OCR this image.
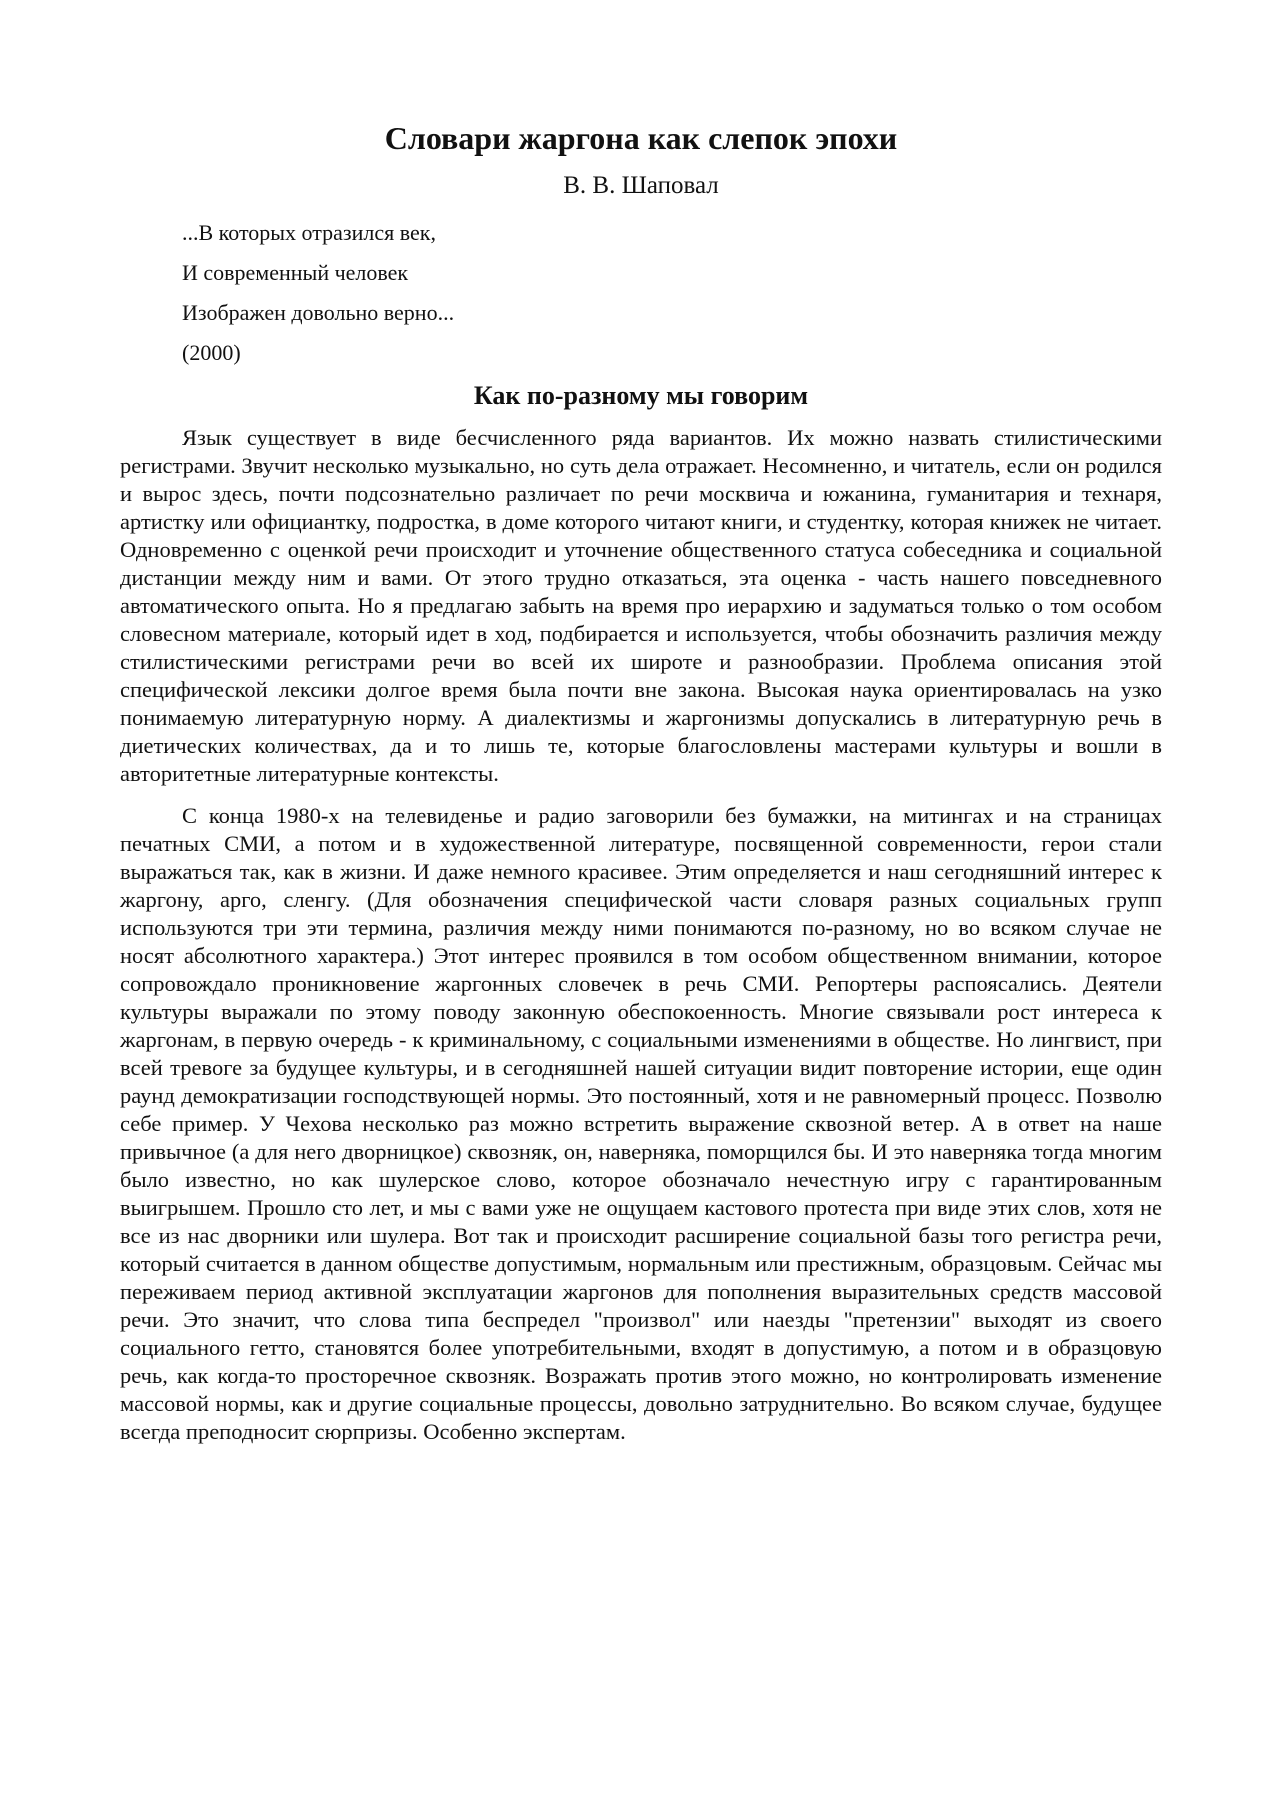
Словари жаргона как слепок эпохи
В. В. Шаповал
...В которых отразился век,
И современный человек
Изображен довольно верно...
(2000)
Как по-разному мы говорим

Язык существует в виде бесчисленного ряда вариантов. Их можно назвать стилистическими регистрами. Звучит несколько музыкально, но суть дела отражает. Несомненно, и читатель, если он родился и вырос здесь, почти подсознательно различает по речи москвича и южанина, гуманитария и технаря, артистку или официантку, подростка, в доме которого читают книги, и студентку, которая книжек не читает. Одновременно с оценкой речи происходит и уточнение общественного статуса собеседника и социальной дистанции между ним и вами. От этого трудно отказаться, эта оценка - часть нашего повседневного автоматического опыта. Но я предлагаю забыть на время про иерархию и задуматься только о том особом словесном материале, который идет в ход, подбирается и используется, чтобы обозначить различия между стилистическими регистрами речи во всей их широте и разнообразии. Проблема описания этой специфической лексики долгое время была почти вне закона. Высокая наука ориентировалась на узко понимаемую литературную норму. А диалектизмы и жаргонизмы допускались в литературную речь в диетических количествах, да и то лишь те, которые благословлены мастерами культуры и вошли в авторитетные литературные контексты.

С конца 1980-х на телевиденье и радио заговорили без бумажки, на митингах и на страницах печатных СМИ, а потом и в художественной литературе, посвященной современности, герои стали выражаться так, как в жизни. И даже немного красивее. Этим определяется и наш сегодняшний интерес к жаргону, арго, сленгу. (Для обозначения специфической части словаря разных социальных групп используются три эти термина, различия между ними понимаются по-разному, но во всяком случае не носят абсолютного характера.) Этот интерес проявился в том особом общественном внимании, которое сопровождало проникновение жаргонных словечек в речь СМИ. Репортеры распоясались. Деятели культуры выражали по этому поводу законную обеспокоенность. Многие связывали рост интереса к жаргонам, в первую очередь - к криминальному, с социальными изменениями в обществе. Но лингвист, при всей тревоге за будущее культуры, и в сегодняшней нашей ситуации видит повторение истории, еще один раунд демократизации господствующей нормы. Это постоянный, хотя и не равномерный процесс. Позволю себе пример. У Чехова несколько раз можно встретить выражение сквозной ветер. А в ответ на наше привычное (а для него дворницкое) сквозняк, он, наверняка, поморщился бы. И это наверняка тогда многим было известно, но как шулерское слово, которое обозначало нечестную игру с гарантированным выигрышем. Прошло сто лет, и мы с вами уже не ощущаем кастового протеста при виде этих слов, хотя не все из нас дворники или шулера. Вот так и происходит расширение социальной базы того регистра речи, который считается в данном обществе допустимым, нормальным или престижным, образцовым. Сейчас мы переживаем период активной эксплуатации жаргонов для пополнения выразительных средств массовой речи. Это значит, что слова типа беспредел "произвол" или наезды "претензии" выходят из своего социального гетто, становятся более употребительными, входят в допустимую, а потом и в образцовую речь, как когда-то просторечное сквозняк. Возражать против этого можно, но контролировать изменение массовой нормы, как и другие социальные процессы, довольно затруднительно. Во всяком случае, будущее всегда преподносит сюрпризы. Особенно экспертам.
